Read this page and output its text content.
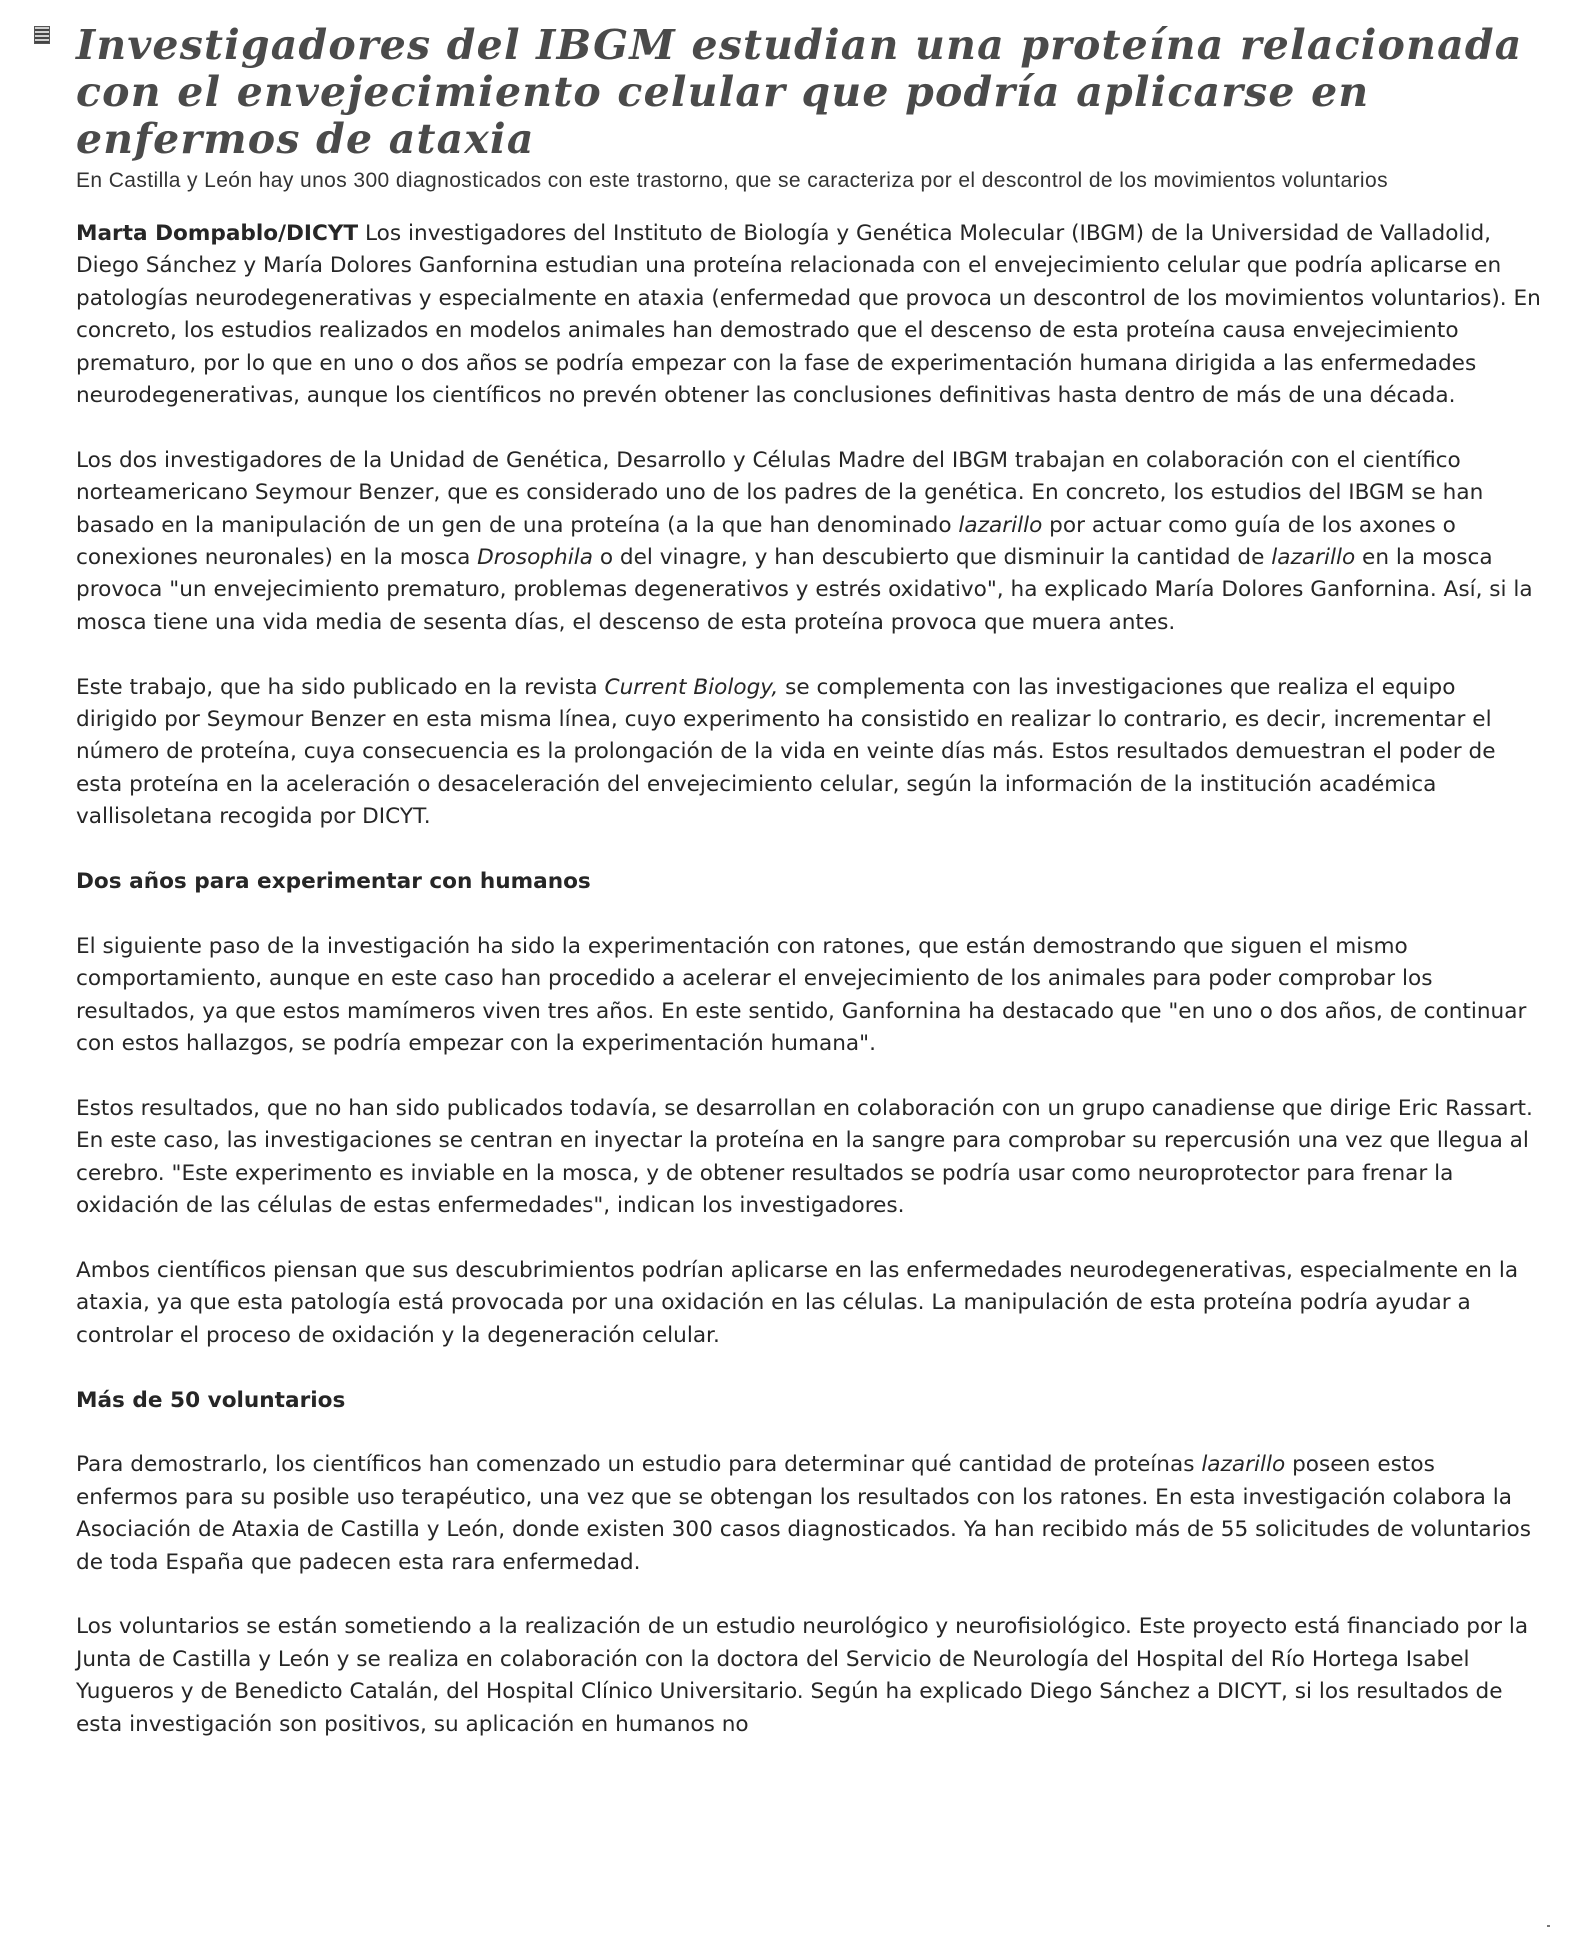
Investigadores del IBGM estudian una proteína relacionada con el envejecimiento celular que podría aplicarse en enfermos de ataxia

En Castilla y León hay unos 300 diagnosticados con este trastorno, que se caracteriza por el descontrol de los movimientos voluntarios

Marta Dompablo/DICYT Los investigadores del Instituto de Biología y Genética Molecular (IBGM) de la Universidad de Valladolid, Diego Sánchez y María Dolores Ganfornina estudian una proteína relacionada con el envejecimiento celular que podría aplicarse en patologías neurodegenerativas y especialmente en ataxia (enfermedad que provoca un descontrol de los movimientos voluntarios). En concreto, los estudios realizados en modelos animales han demostrado que el descenso de esta proteína causa envejecimiento prematuro, por lo que en uno o dos años se podría empezar con la fase de experimentación humana dirigida a las enfermedades neurodegenerativas, aunque los científicos no prevén obtener las conclusiones definitivas hasta dentro de más de una década.

Los dos investigadores de la Unidad de Genética, Desarrollo y Células Madre del IBGM trabajan en colaboración con el científico norteamericano Seymour Benzer, que es considerado uno de los padres de la genética. En concreto, los estudios del IBGM se han basado en la manipulación de un gen de una proteína (a la que han denominado lazarillo por actuar como guía de los axones o conexiones neuronales) en la mosca Drosophila o del vinagre, y han descubierto que disminuir la cantidad de lazarillo en la mosca provoca "un envejecimiento prematuro, problemas degenerativos y estrés oxidativo", ha explicado María Dolores Ganfornina. Así, si la mosca tiene una vida media de sesenta días, el descenso de esta proteína provoca que muera antes.

Este trabajo, que ha sido publicado en la revista Current Biology, se complementa con las investigaciones que realiza el equipo dirigido por Seymour Benzer en esta misma línea, cuyo experimento ha consistido en realizar lo contrario, es decir, incrementar el número de proteína, cuya consecuencia es la prolongación de la vida en veinte días más. Estos resultados demuestran el poder de esta proteína en la aceleración o desaceleración del envejecimiento celular, según la información de la institución académica vallisoletana recogida por DICYT.

Dos años para experimentar con humanos

El siguiente paso de la investigación ha sido la experimentación con ratones, que están demostrando que siguen el mismo comportamiento, aunque en este caso han procedido a acelerar el envejecimiento de los animales para poder comprobar los resultados, ya que estos mamímeros viven tres años. En este sentido, Ganfornina ha destacado que "en uno o dos años, de continuar con estos hallazgos, se podría empezar con la experimentación humana".

Estos resultados, que no han sido publicados todavía, se desarrollan en colaboración con un grupo canadiense que dirige Eric Rassart. En este caso, las investigaciones se centran en inyectar la proteína en la sangre para comprobar su repercusión una vez que llegua al cerebro. "Este experimento es inviable en la mosca, y de obtener resultados se podría usar como neuroprotector para frenar la oxidación de las células de estas enfermedades", indican los investigadores.

Ambos científicos piensan que sus descubrimientos podrían aplicarse en las enfermedades neurodegenerativas, especialmente en la ataxia, ya que esta patología está provocada por una oxidación en las células. La manipulación de esta proteína podría ayudar a controlar el proceso de oxidación y la degeneración celular.

Más de 50 voluntarios

Para demostrarlo, los científicos han comenzado un estudio para determinar qué cantidad de proteínas lazarillo poseen estos enfermos para su posible uso terapéutico, una vez que se obtengan los resultados con los ratones. En esta investigación colabora la Asociación de Ataxia de Castilla y León, donde existen 300 casos diagnosticados. Ya han recibido más de 55 solicitudes de voluntarios de toda España que padecen esta rara enfermedad.

Los voluntarios se están sometiendo a la realización de un estudio neurológico y neurofisiológico. Este proyecto está financiado por la Junta de Castilla y León y se realiza en colaboración con la doctora del Servicio de Neurología del Hospital del Río Hortega Isabel Yugueros y de Benedicto Catalán, del Hospital Clínico Universitario. Según ha explicado Diego Sánchez a DICYT, si los resultados de esta investigación son positivos, su aplicación en humanos no
